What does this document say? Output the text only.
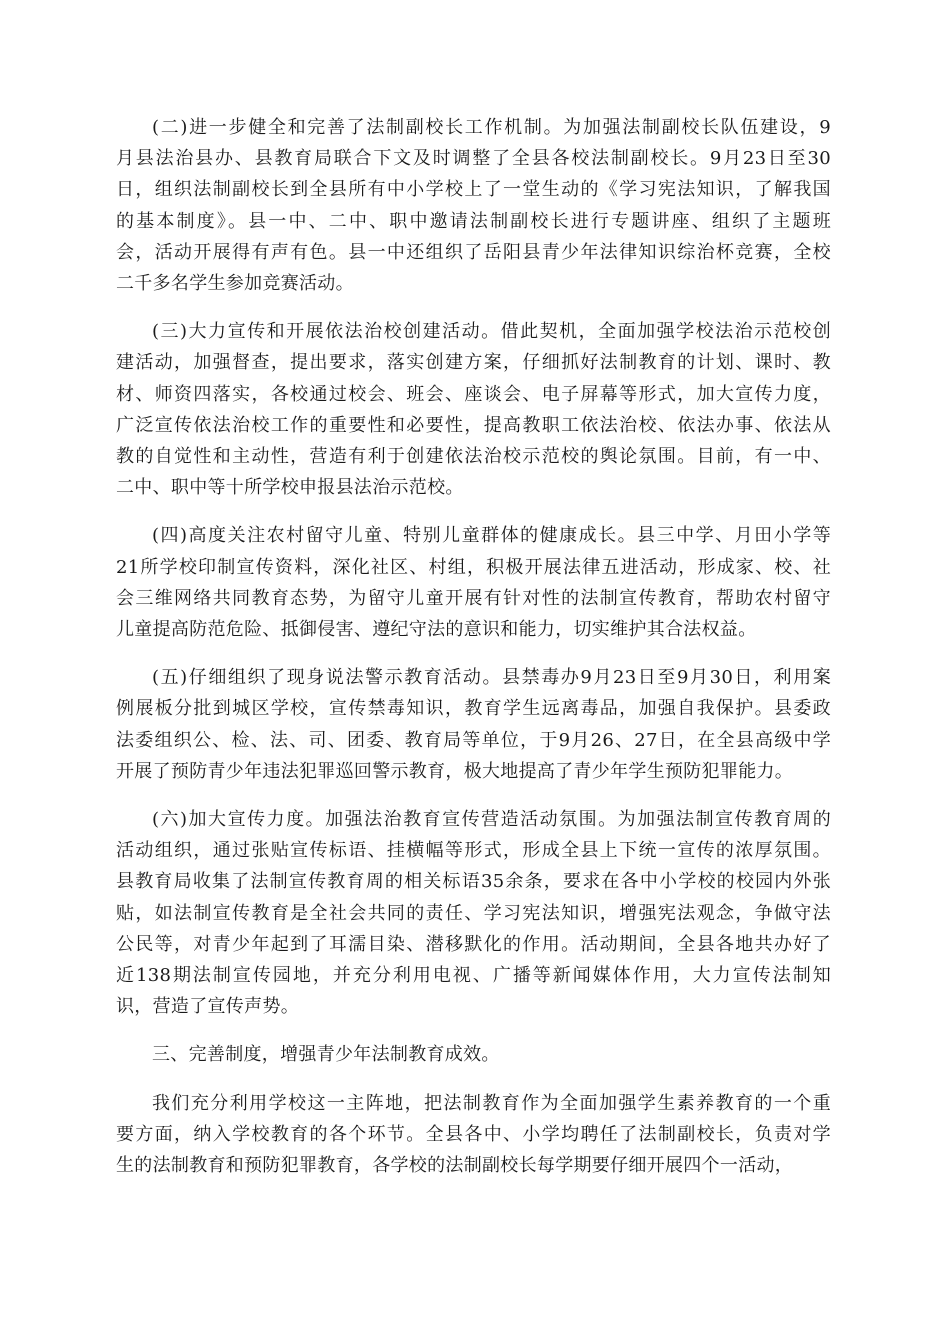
(二)进一步健全和完善了法制副校长工作机制。为加强法制副校长队伍建设，9
月县法治县办、县教育局联合下文及时调整了全县各校法制副校长。9月23日至30
日，组织法制副校长到全县所有中小学校上了一堂生动的《学习宪法知识，了解我国
的基本制度》。县一中、二中、职中邀请法制副校长进行专题讲座、组织了主题班
会，活动开展得有声有色。县一中还组织了岳阳县青少年法律知识综治杯竞赛，全校
二千多名学生参加竞赛活动。
(三)大力宣传和开展依法治校创建活动。借此契机，全面加强学校法治示范校创
建活动，加强督查，提出要求，落实创建方案，仔细抓好法制教育的计划、课时、教
材、师资四落实，各校通过校会、班会、座谈会、电子屏幕等形式，加大宣传力度，
广泛宣传依法治校工作的重要性和必要性，提高教职工依法治校、依法办事、依法从
教的自觉性和主动性，营造有利于创建依法治校示范校的舆论氛围。目前，有一中、
二中、职中等十所学校申报县法治示范校。
(四)高度关注农村留守儿童、特别儿童群体的健康成长。县三中学、月田小学等
21所学校印制宣传资料，深化社区、村组，积极开展法律五进活动，形成家、校、社
会三维网络共同教育态势，为留守儿童开展有针对性的法制宣传教育，帮助农村留守
儿童提高防范危险、抵御侵害、遵纪守法的意识和能力，切实维护其合法权益。
(五)仔细组织了现身说法警示教育活动。县禁毒办9月23日至9月30日，利用案
例展板分批到城区学校，宣传禁毒知识，教育学生远离毒品，加强自我保护。县委政
法委组织公、检、法、司、团委、教育局等单位，于9月26、27日，在全县高级中学
开展了预防青少年违法犯罪巡回警示教育，极大地提高了青少年学生预防犯罪能力。
(六)加大宣传力度。加强法治教育宣传营造活动氛围。为加强法制宣传教育周的
活动组织，通过张贴宣传标语、挂横幅等形式，形成全县上下统一宣传的浓厚氛围。
县教育局收集了法制宣传教育周的相关标语35余条，要求在各中小学校的校园内外张
贴，如法制宣传教育是全社会共同的责任、学习宪法知识，增强宪法观念，争做守法
公民等，对青少年起到了耳濡目染、潜移默化的作用。活动期间，全县各地共办好了
近138期法制宣传园地，并充分利用电视、广播等新闻媒体作用，大力宣传法制知
识，营造了宣传声势。
三、完善制度，增强青少年法制教育成效。
我们充分利用学校这一主阵地，把法制教育作为全面加强学生素养教育的一个重
要方面，纳入学校教育的各个环节。全县各中、小学均聘任了法制副校长，负责对学
生的法制教育和预防犯罪教育，各学校的法制副校长每学期要仔细开展四个一活动，
